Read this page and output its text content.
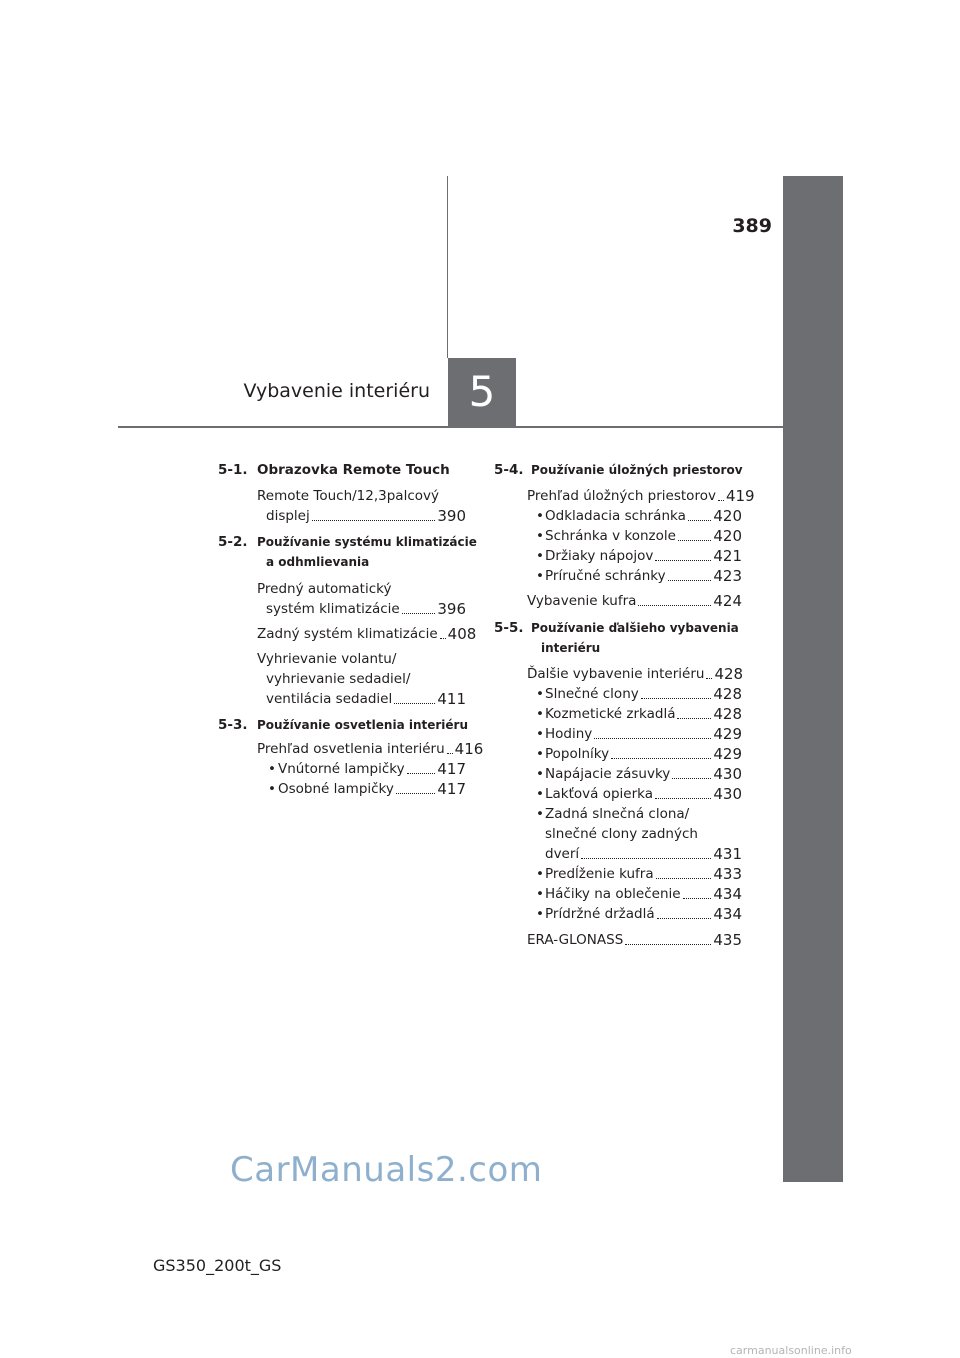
5
Vybavenie interiéru
389
5-1. Obrazovka Remote Touch
Remote Touch/12,3palcový
displej	390
5-2. Používanie systému klimatizácie
a odhmlievania
Predný automatický
systém klimatizácie	396
Zadný systém klimatizácie 408
Vyhrievanie volantu/
vyhrievanie sedadiel/
ventilácia sedadiel	411
5-3. Používanie osvetlenia interiéru
Prehľad osvetlenia interiéru 416
• Vnútorné lampičky 417
• Osobné lampičky	417
5-4. Používanie úložných priestorov
Prehľad úložných priestorov 419
• Odkladacia schránka 420
• Schránka v konzole 420
• Držiaky nápojov	421
• Príručné schránky	423
Vybavenie kufra	424
5-5. Používanie ďalšieho vybavenia
interiéru
Ďalšie vybavenie interiéru 428
• Slnečné clony	428
• Kozmetické zrkadlá	428
• Hodiny	429
• Popolníky	429
• Napájacie zásuvky	430
• Lakťová opierka	430
• Zadná slnečná clona/
slnečné clony zadných
dverí	431
• Predĺženie kufra	433
• Háčiky na oblečenie 434
• Prídržné držadlá	434
ERA-GLONASS	435
CarManuals2.com
GS350_200t_GS
carmanualsonline.info
